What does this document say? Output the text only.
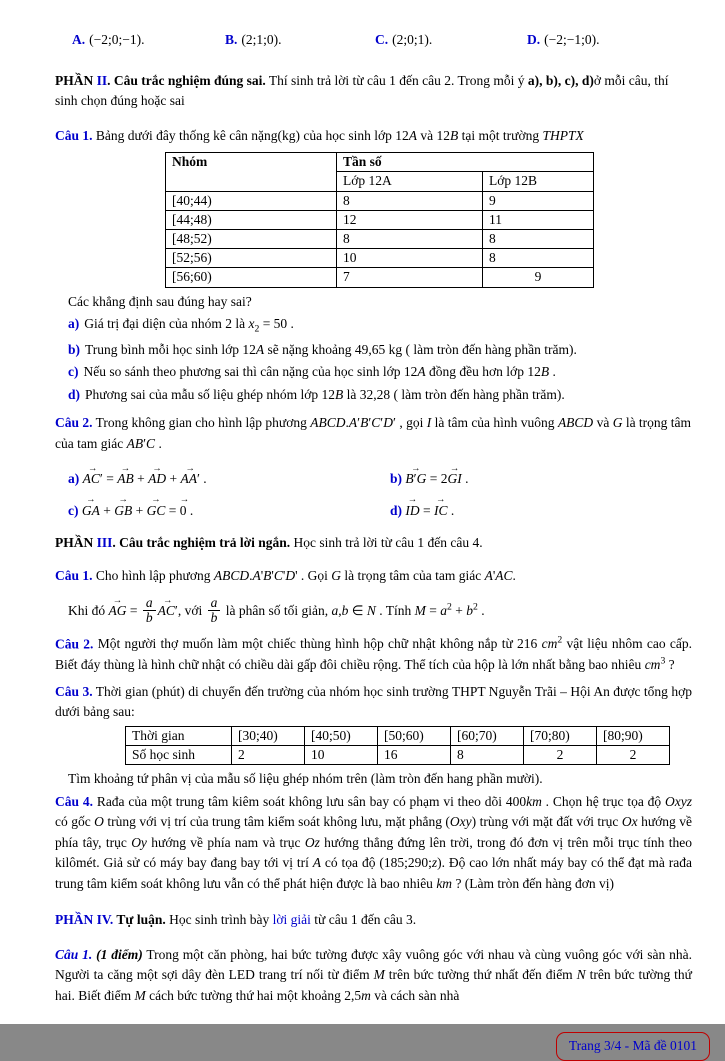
A. (−2;0;−1).	B. (2;1;0).	C. (2;0;1).	D. (−2;−1;0).

PHẦN II. Câu trắc nghiệm đúng sai. Thí sinh trả lời từ câu 1 đến câu 2. Trong mỗi ý a), b), c), d)ở mỗi câu, thí sinh chọn đúng hoặc sai

Câu 1. Bảng dưới đây thống kê cân nặng(kg) của học sinh lớp 12A và 12B tại một trường THPTX

Nhóm	Tần số	
	Lớp 12A	Lớp 12B
[40;44)	8	9
[44;48)	12	11
[48;52)	8	8
[52;56)	10	8
[56;60)	7	9

Các khẳng định sau đúng hay sai?

a) Giá trị đại diện của nhóm 2 là $x_2 = 50$ .
b) Trung bình mỗi học sinh lớp 12A sẽ nặng khoảng 49,65 kg ( làm tròn đến hàng phần trăm).
c) Nếu so sánh theo phương sai thì cân nặng của học sinh lớp 12A đồng đều hơn lớp 12B .
d) Phương sai của mẫu số liệu ghép nhóm lớp 12B là 32,28 ( làm tròn đến hàng phần trăm).

Câu 2. Trong không gian cho hình lập phương ABCD.A′B′C′D′ , gọi I là tâm của hình vuông ABCD và G là trọng tâm của tam giác AB′C .

a) AC′ → = AB → + AD → + AA′ → .	b) B′G → = 2GI → .
c) GA → + GB → + GC → = 0 → .	d) ID → = IC → .

PHẦN III. Câu trắc nghiệm trả lời ngắn. Học sinh trả lời từ câu 1 đến câu 4.

Câu 1. Cho hình lập phương ABCD.A'B'C'D' . Gọi G là trọng tâm của tam giác A'AC.

Khi đó AG → = $\frac{a}{b} AC'$ →, với $\frac{a}{b}$ là phân số tối giản, a,b ∈ N . Tính $M = a^2 + b^2$ .

Câu 2. Một người thợ muốn làm một chiếc thùng hình hộp chữ nhật không nắp từ 216 $cm^2$ vật liệu nhôm cao cấp. Biết đáy thùng là hình chữ nhật có chiều dài gấp đôi chiều rộng. Thể tích của hộp là lớn nhất bằng bao nhiêu $cm^3$ ?

Câu 3. Thời gian (phút) di chuyển đến trường của nhóm học sinh trường THPT Nguyễn Trãi – Hội An được tổng hợp dưới bảng sau:

Thời gian	[30;40)	[40;50)	[50;60)	[60;70)	[70;80)	[80;90)
Số học sinh	2	10	16	8	2	2

Tìm khoảng tứ phân vị của mẫu số liệu ghép nhóm trên (làm tròn đến hang phần mười).

Câu 4. Rađa của một trung tâm kiêm soát không lưu sân bay có phạm vi theo dõi 400km . Chọn hệ trục tọa độ Oxyz có gốc O trùng với vị trí của trung tâm kiểm soát không lưu, mặt phẳng (Oxy) trùng với mặt đất với trục Ox hướng về phía tây, trục Oy hướng về phía nam và trục Oz hướng thẳng đứng lên trời, trong đó đơn vị trên mỗi trục tính theo kilômét. Giả sử có máy bay đang bay tới vị trí A có tọa độ (185;290;z). Độ cao lớn nhất máy bay có thể đạt mà rađa trung tâm kiểm soát không lưu vẫn có thể phát hiện được là bao nhiêu km ? (Làm tròn đến hàng đơn vị)

PHẦN IV. Tự luận. Học sinh trình bày lời giải từ câu 1 đến câu 3.

Câu 1. (1 điểm) Trong một căn phòng, hai bức tường được xây vuông góc với nhau và cùng vuông góc với sàn nhà. Người ta căng một sợi dây đèn LED trang trí nối từ điểm M trên bức tường thứ nhất đến điểm N trên bức tường thứ hai. Biết điểm M cách bức tường thứ hai một khoảng 2,5m và cách sàn nhà

Trang 3/4 - Mã đề 0101
